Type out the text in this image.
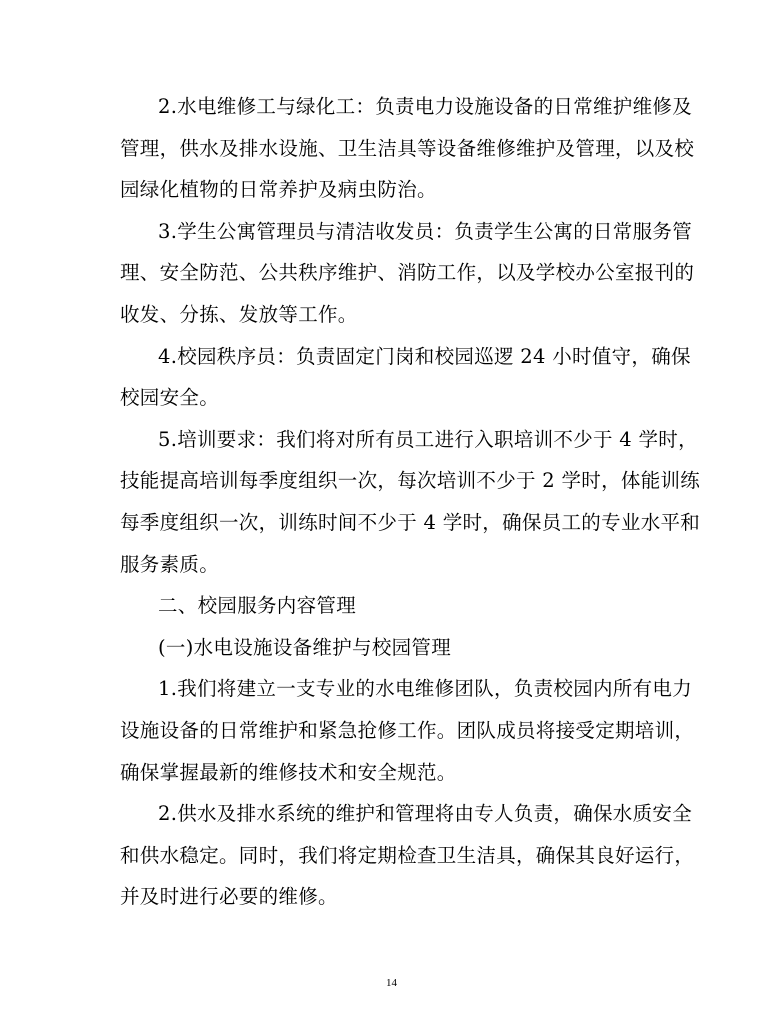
2.水电维修工与绿化工：负责电力设施设备的日常维护维修及
管理，供水及排水设施、卫生洁具等设备维修维护及管理，以及校
园绿化植物的日常养护及病虫防治。
3.学生公寓管理员与清洁收发员：负责学生公寓的日常服务管
理、安全防范、公共秩序维护、消防工作，以及学校办公室报刊的
收发、分拣、发放等工作。
4.校园秩序员：负责固定门岗和校园巡逻 24 小时值守，确保
校园安全。
5.培训要求：我们将对所有员工进行入职培训不少于 4 学时，
技能提高培训每季度组织一次，每次培训不少于 2 学时，体能训练
每季度组织一次，训练时间不少于 4 学时，确保员工的专业水平和
服务素质。
二、校园服务内容管理
(一)水电设施设备维护与校园管理
1.我们将建立一支专业的水电维修团队，负责校园内所有电力
设施设备的日常维护和紧急抢修工作。团队成员将接受定期培训，
确保掌握最新的维修技术和安全规范。
2.供水及排水系统的维护和管理将由专人负责，确保水质安全
和供水稳定。同时，我们将定期检查卫生洁具，确保其良好运行，
并及时进行必要的维修。
14
